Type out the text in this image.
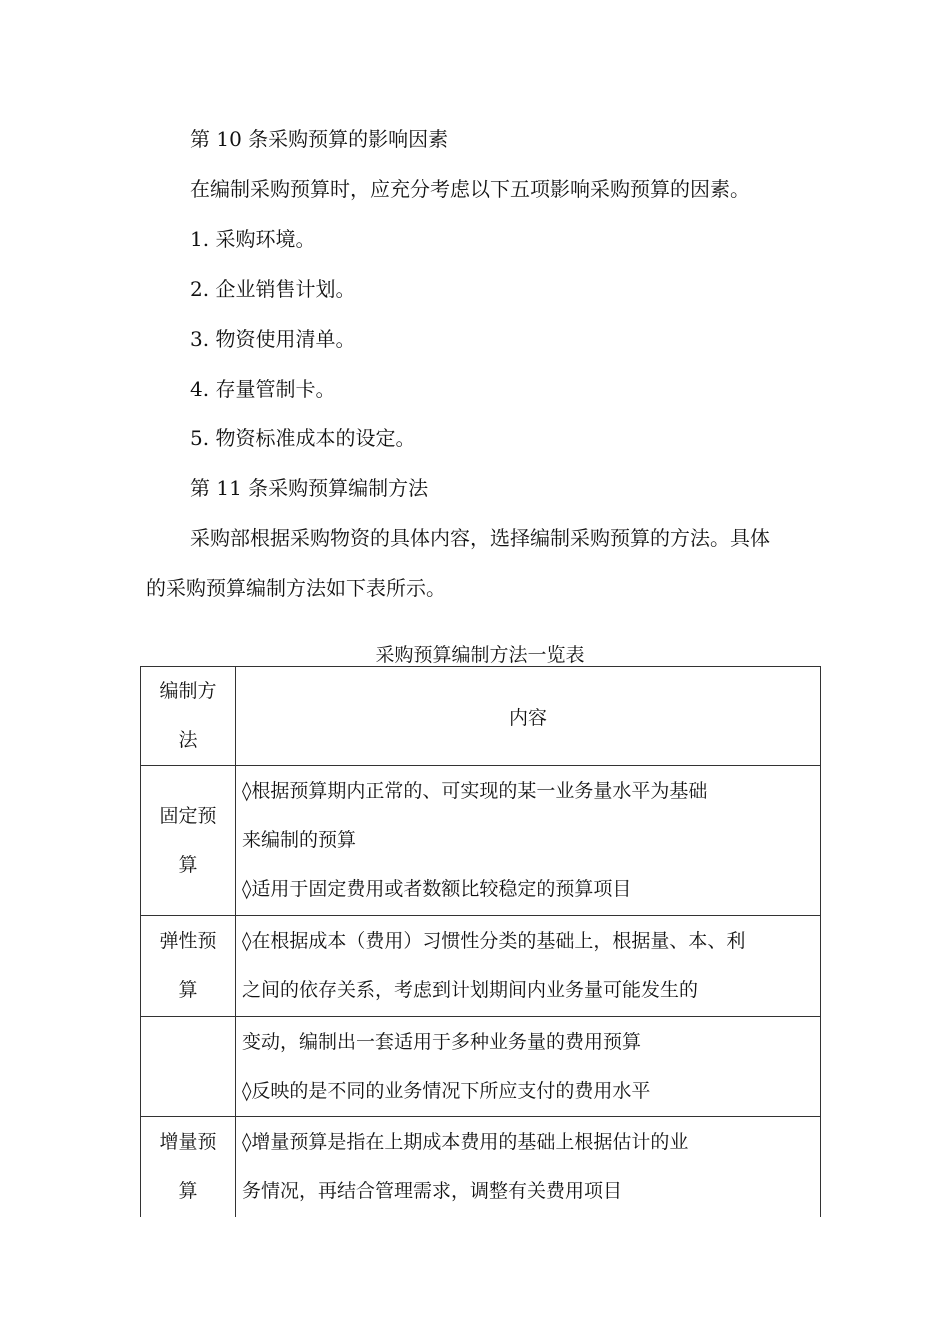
第 10 条采购预算的影响因素

在编制采购预算时，应充分考虑以下五项影响采购预算的因素。

1. 采购环境。

2. 企业销售计划。

3. 物资使用清单。

4. 存量管制卡。

5. 物资标准成本的设定。

第 11 条采购预算编制方法

采购部根据采购物资的具体内容，选择编制采购预算的方法。具体

的采购预算编制方法如下表所示。

采购预算编制方法一览表

编制方
法	内容

固定预
算	◊根据预算期内正常的、可实现的某一业务量水平为基础
来编制的预算
◊适用于固定费用或者数额比较稳定的预算项目

弹性预
算	◊在根据成本（费用）习惯性分类的基础上，根据量、本、利
之间的依存关系，考虑到计划期间内业务量可能发生的

	变动，编制出一套适用于多种业务量的费用预算
◊反映的是不同的业务情况下所应支付的费用水平

增量预
算	◊增量预算是指在上期成本费用的基础上根据估计的业
务情况，再结合管理需求，调整有关费用项目
